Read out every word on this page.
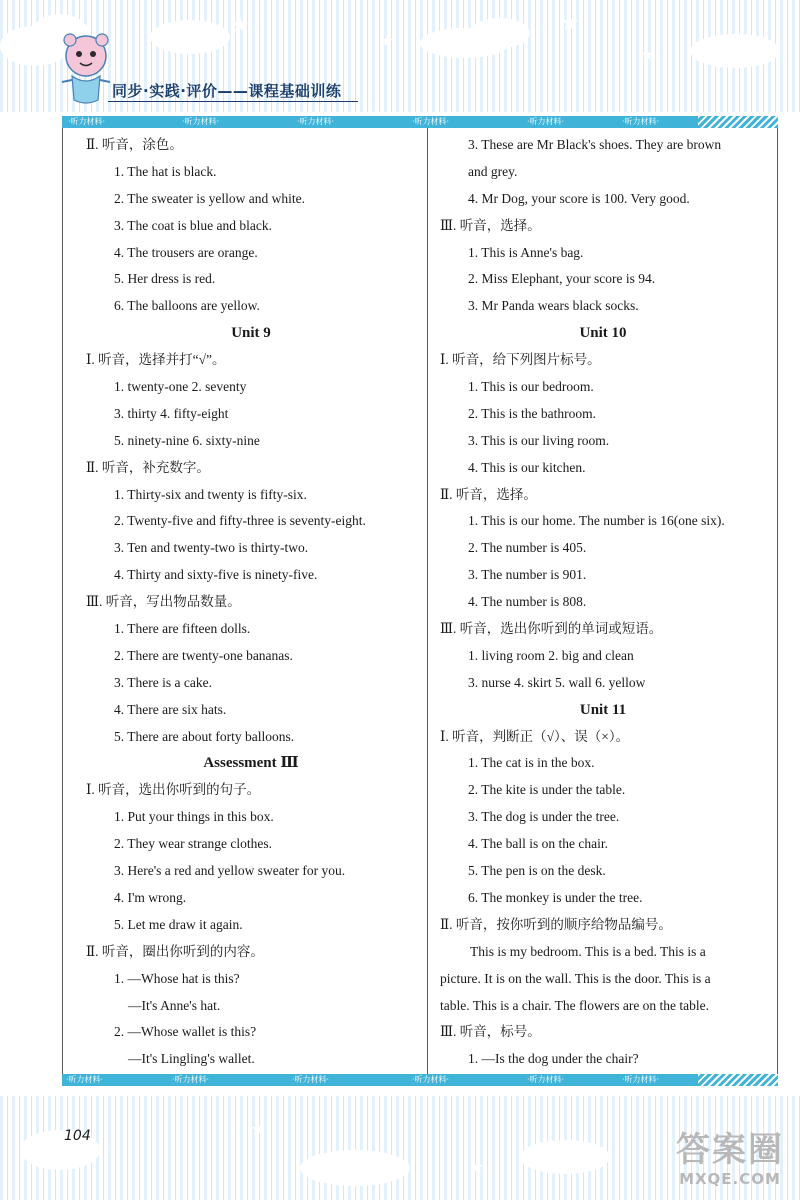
★
★
★
★
★
★
同步·实践·评价——课程基础训练
·听力材料·	·听力材料·	·听力材料·	·听力材料·	·听力材料·	·听力材料·
Ⅱ. 听音，涂色。
1. The hat is black.
2. The sweater is yellow and white.
3. The coat is blue and black.
4. The trousers are orange.
5. Her dress is red.
6. The balloons are yellow.
Unit 9
Ⅰ. 听音，选择并打“√”。
1. twenty-one 2. seventy
3. thirty 4. fifty-eight
5. ninety-nine 6. sixty-nine
Ⅱ. 听音，补充数字。
1. Thirty-six and twenty is fifty-six.
2. Twenty-five and fifty-three is seventy-eight.
3. Ten and twenty-two is thirty-two.
4. Thirty and sixty-five is ninety-five.
Ⅲ. 听音，写出物品数量。
1. There are fifteen dolls.
2. There are twenty-one bananas.
3. There is a cake.
4. There are six hats.
5. There are about forty balloons.
Assessment Ⅲ
Ⅰ. 听音，选出你听到的句子。
1. Put your things in this box.
2. They wear strange clothes.
3. Here's a red and yellow sweater for you.
4. I'm wrong.
5. Let me draw it again.
Ⅱ. 听音，圈出你听到的内容。
1. —Whose hat is this?
—It's Anne's hat.
2. —Whose wallet is this?
—It's Lingling's wallet.
3. These are Mr Black's shoes. They are brown
and grey.
4. Mr Dog, your score is 100. Very good.
Ⅲ. 听音，选择。
1. This is Anne's bag.
2. Miss Elephant, your score is 94.
3. Mr Panda wears black socks.
Unit 10
Ⅰ. 听音，给下列图片标号。
1. This is our bedroom.
2. This is the bathroom.
3. This is our living room.
4. This is our kitchen.
Ⅱ. 听音，选择。
1. This is our home. The number is 16(one six).
2. The number is 405.
3. The number is 901.
4. The number is 808.
Ⅲ. 听音，选出你听到的单词或短语。
1. living room 2. big and clean
3. nurse 4. skirt 5. wall 6. yellow
Unit 11
Ⅰ. 听音，判断正（√）、误（×）。
1. The cat is in the box.
2. The kite is under the table.
3. The dog is under the tree.
4. The ball is on the chair.
5. The pen is on the desk.
6. The monkey is under the tree.
Ⅱ. 听音，按你听到的顺序给物品编号。
This is my bedroom. This is a bed. This is a
picture. It is on the wall. This is the door. This is a
table. This is a chair. The flowers are on the table.
Ⅲ. 听音，标号。
1. —Is the dog under the chair?
·听力材料·	·听力材料·	·听力材料·	·听力材料·	·听力材料·	·听力材料·
104	答案圈
MXQE.COM
